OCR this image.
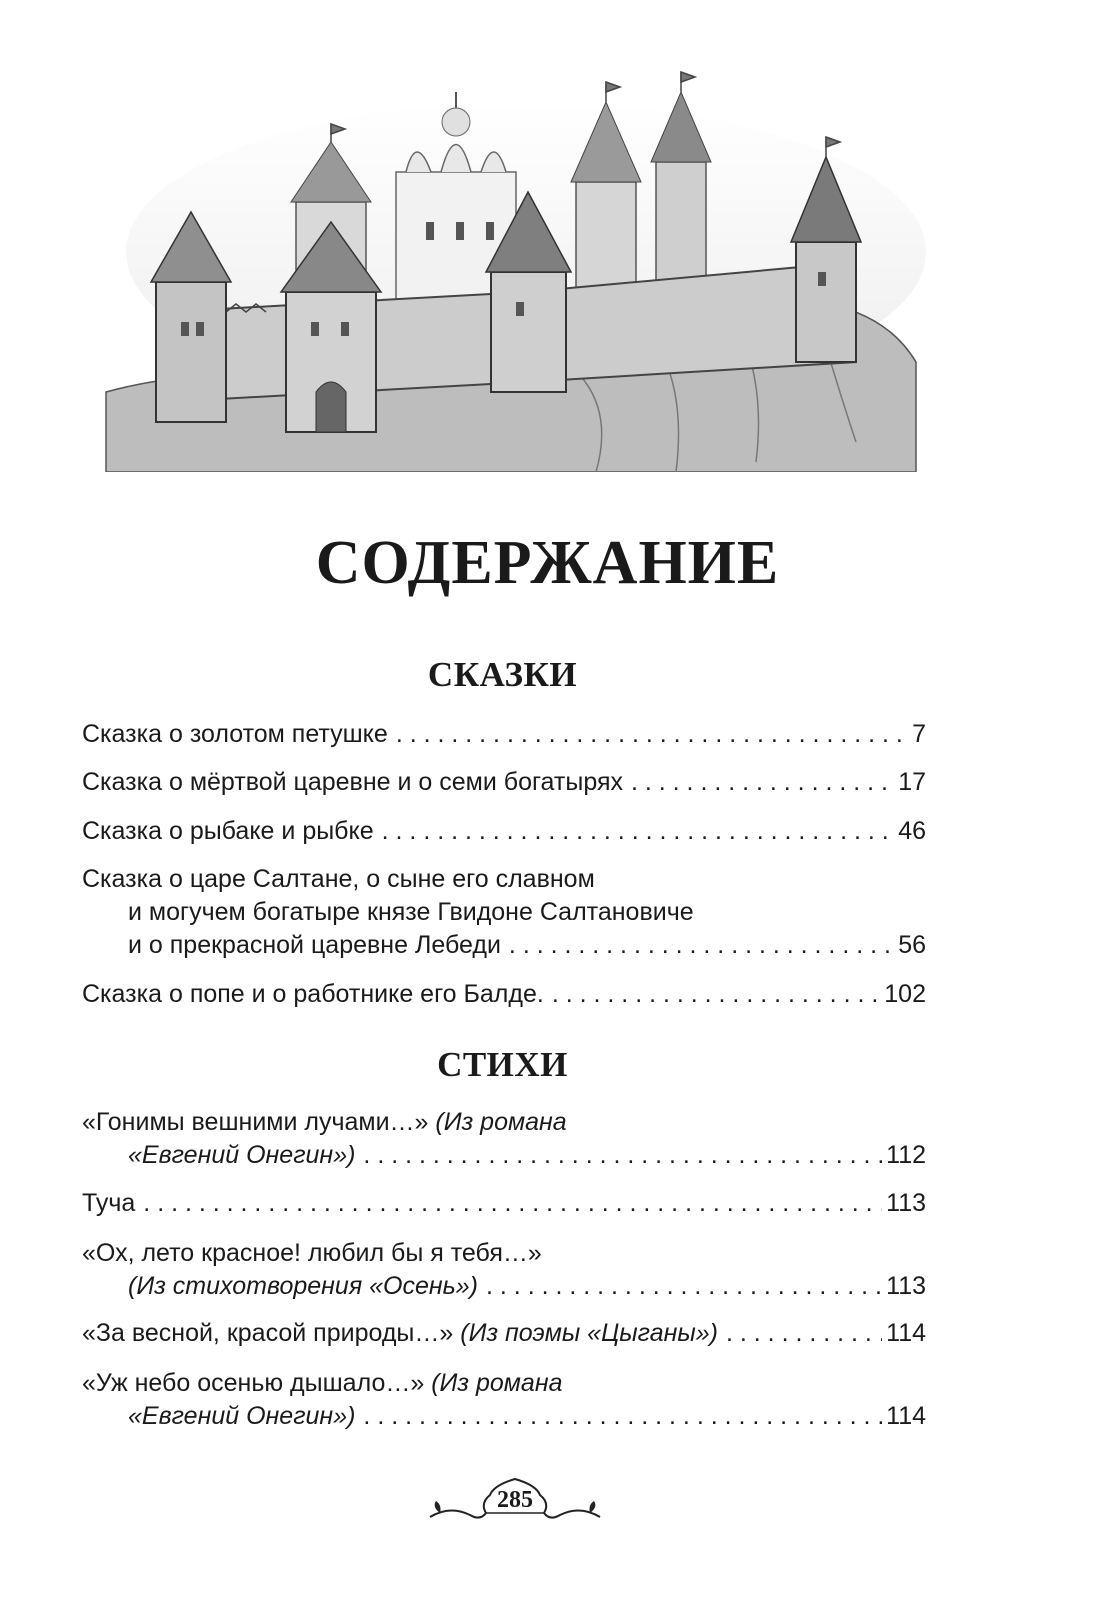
СОДЕРЖАНИЕ
СКАЗКИ
Сказка о золотом петушке . . .	7
Сказка о мёртвой царевне и о семи богатырях . . .	17
Сказка о рыбаке и рыбке . . .	46
Сказка о царе Салтане, о сыне его славном
и могучем богатыре князе Гвидоне Салтановиче
и о прекрасной царевне Лебеди . . .	56
Сказка о попе и о работнике его Балде. . . .	102
СТИХИ
«Гонимы вешними лучами…»
(Из романа
«Евгений Онегин») . . .	112
Туча . . .	113
«Ох, лето красное! любил бы я тебя…»
(Из стихотворения «Осень») . . .	113
«За весной, красой природы…»
(Из поэмы «Цыганы») . . .	114
«Уж небо осенью дышало…»
(Из романа
«Евгений Онегин») . . .	114
285
